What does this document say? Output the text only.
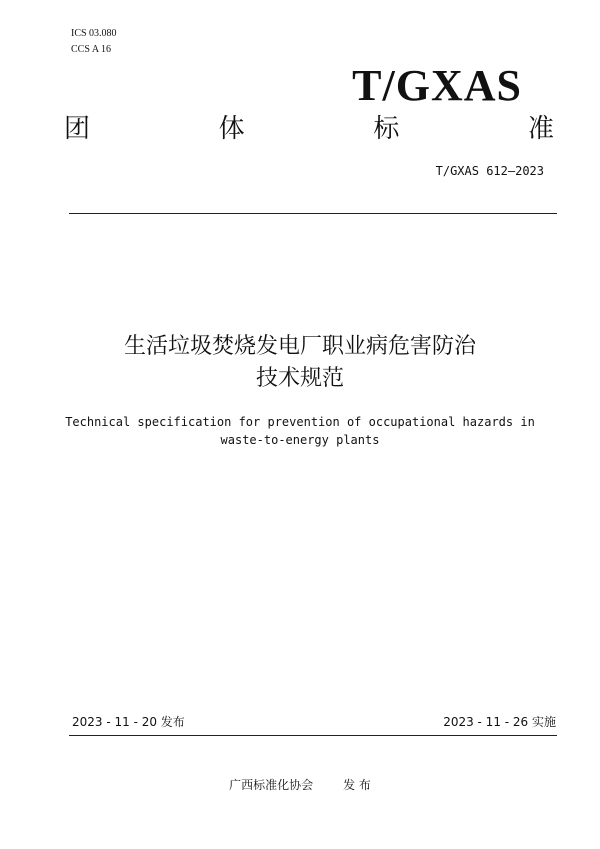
ICS 03.080
CCS A 16
T/GXAS
团	体	标	准
T/GXAS 612—2023
生活垃圾焚烧发电厂职业病危害防治
技术规范
Technical specification for prevention of occupational hazards in
waste-to-energy plants
2023 - 11 - 20 发布	2023 - 11 - 26 实施
广西标准化协会	发 布
